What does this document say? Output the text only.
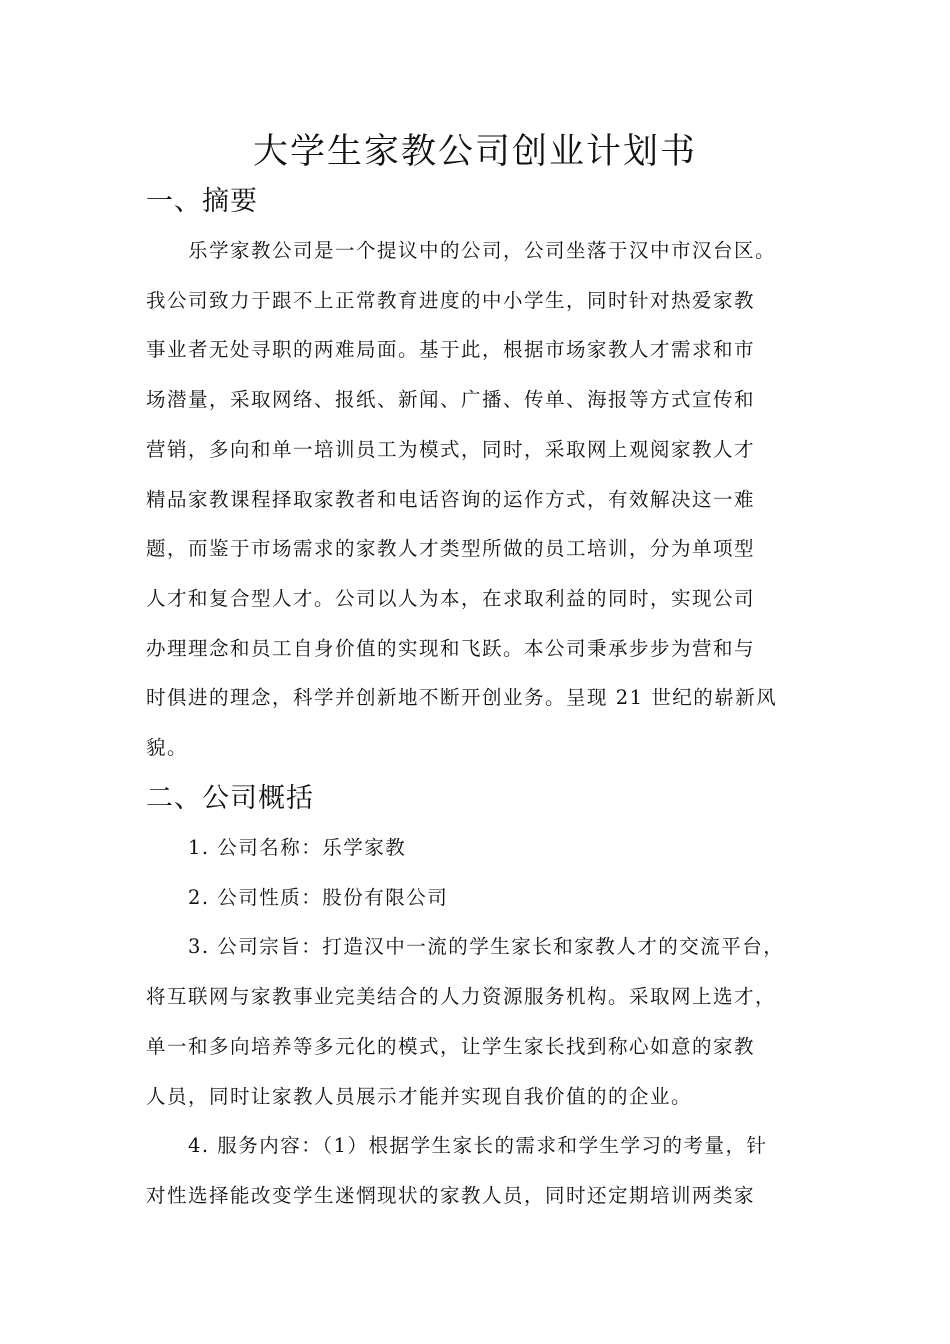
大学生家教公司创业计划书
一、摘要

乐学家教公司是一个提议中的公司，公司坐落于汉中市汉台区。

我公司致力于跟不上正常教育进度的中小学生，同时针对热爱家教

事业者无处寻职的两难局面。基于此，根据市场家教人才需求和市

场潜量，采取网络、报纸、新闻、广播、传单、海报等方式宣传和

营销，多向和单一培训员工为模式，同时，采取网上观阅家教人才

精品家教课程择取家教者和电话咨询的运作方式，有效解决这一难

题，而鉴于市场需求的家教人才类型所做的员工培训，分为单项型

人才和复合型人才。公司以人为本，在求取利益的同时，实现公司

办理理念和员工自身价值的实现和飞跃。本公司秉承步步为营和与

时俱进的理念，科学并创新地不断开创业务。呈现 21 世纪的崭新风

貌。

二、公司概括

1. 公司名称：乐学家教

2. 公司性质：股份有限公司

3. 公司宗旨：打造汉中一流的学生家长和家教人才的交流平台，

将互联网与家教事业完美结合的人力资源服务机构。采取网上选才，

单一和多向培养等多元化的模式，让学生家长找到称心如意的家教

人员，同时让家教人员展示才能并实现自我价值的的企业。

4. 服务内容：（1）根据学生家长的需求和学生学习的考量，针

对性选择能改变学生迷惘现状的家教人员，同时还定期培训两类家
